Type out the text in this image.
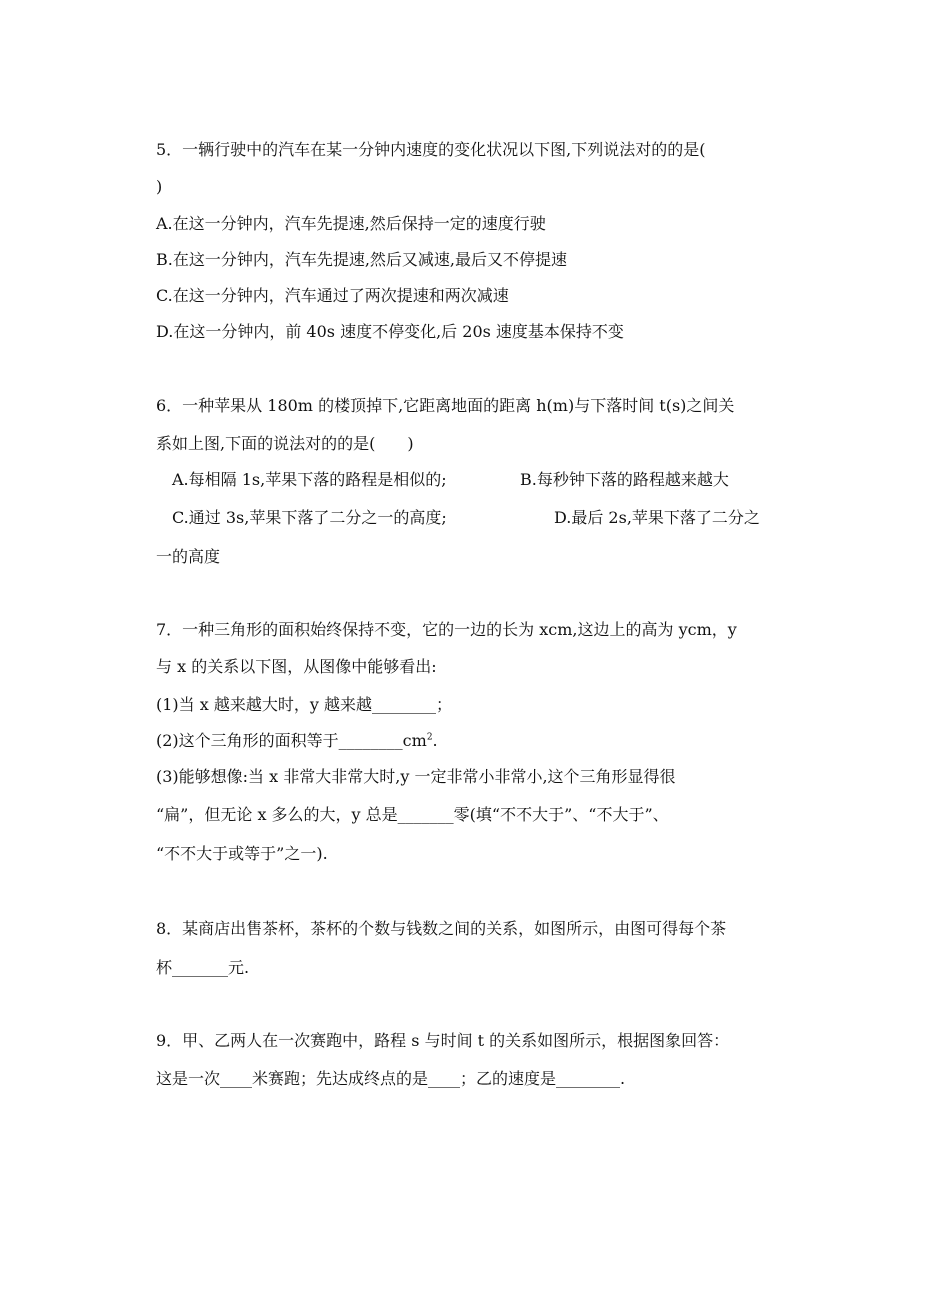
5．一辆行驶中的汽车在某一分钟内速度的变化状况以下图,下列说法对的的是(
)
A.在这一分钟内，汽车先提速,然后保持一定的速度行驶
B.在这一分钟内，汽车先提速,然后又减速,最后又不停提速
C.在这一分钟内，汽车通过了两次提速和两次减速
D.在这一分钟内，前 40s 速度不停变化,后 20s 速度基本保持不变
6．一种苹果从 180m 的楼顶掉下,它距离地面的距离 h(m)与下落时间 t(s)之间关
系如上图,下面的说法对的的是(　　)
A.每相隔 1s,苹果下落的路程是相似的;	B.每秒钟下落的路程越来越大
C.通过 3s,苹果下落了二分之一的高度;	D.最后 2s,苹果下落了二分之
一的高度
7．一种三角形的面积始终保持不变，它的一边的长为 xcm,这边上的高为 ycm，y
与 x 的关系以下图，从图像中能够看出:
(1)当 x 越来越大时，y 越来越________；
(2)这个三角形的面积等于$\_\_\_\_\_\_\_\_cm^2$.
(3)能够想像:当 x 非常大非常大时,y 一定非常小非常小,这个三角形显得很
“扁”，但无论 x 多么的大，y 总是_______零(填“不不大于”、“不大于”、
“不不大于或等于”之一).
8．某商店出售茶杯，茶杯的个数与钱数之间的关系，如图所示，由图可得每个茶
杯_______元.
9．甲、乙两人在一次赛跑中，路程 s 与时间 t 的关系如图所示，根据图象回答：
这是一次____米赛跑；先达成终点的是____；乙的速度是________.
